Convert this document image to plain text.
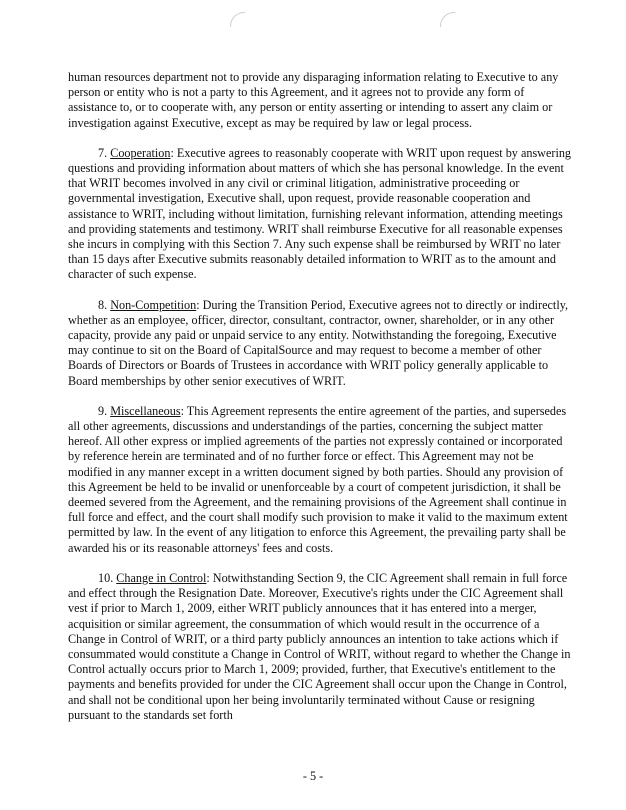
human resources department not to provide any disparaging information relating to Executive to any person or entity who is not a party to this Agreement, and it agrees not to provide any form of assistance to, or to cooperate with, any person or entity asserting or intending to assert any claim or investigation against Executive, except as may be required by law or legal process.

7. Cooperation: Executive agrees to reasonably cooperate with WRIT upon request by answering questions and providing information about matters of which she has personal knowledge. In the event that WRIT becomes involved in any civil or criminal litigation, administrative proceeding or governmental investigation, Executive shall, upon request, provide reasonable cooperation and assistance to WRIT, including without limitation, furnishing relevant information, attending meetings and providing statements and testimony. WRIT shall reimburse Executive for all reasonable expenses she incurs in complying with this Section 7. Any such expense shall be reimbursed by WRIT no later than 15 days after Executive submits reasonably detailed information to WRIT as to the amount and character of such expense.

8. Non-Competition: During the Transition Period, Executive agrees not to directly or indirectly, whether as an employee, officer, director, consultant, contractor, owner, shareholder, or in any other capacity, provide any paid or unpaid service to any entity. Notwithstanding the foregoing, Executive may continue to sit on the Board of CapitalSource and may request to become a member of other Boards of Directors or Boards of Trustees in accordance with WRIT policy generally applicable to Board memberships by other senior executives of WRIT.

9. Miscellaneous: This Agreement represents the entire agreement of the parties, and supersedes all other agreements, discussions and understandings of the parties, concerning the subject matter hereof. All other express or implied agreements of the parties not expressly contained or incorporated by reference herein are terminated and of no further force or effect. This Agreement may not be modified in any manner except in a written document signed by both parties. Should any provision of this Agreement be held to be invalid or unenforceable by a court of competent jurisdiction, it shall be deemed severed from the Agreement, and the remaining provisions of the Agreement shall continue in full force and effect, and the court shall modify such provision to make it valid to the maximum extent permitted by law. In the event of any litigation to enforce this Agreement, the prevailing party shall be awarded his or its reasonable attorneys' fees and costs.

10. Change in Control: Notwithstanding Section 9, the CIC Agreement shall remain in full force and effect through the Resignation Date. Moreover, Executive's rights under the CIC Agreement shall vest if prior to March 1, 2009, either WRIT publicly announces that it has entered into a merger, acquisition or similar agreement, the consummation of which would result in the occurrence of a Change in Control of WRIT, or a third party publicly announces an intention to take actions which if consummated would constitute a Change in Control of WRIT, without regard to whether the Change in Control actually occurs prior to March 1, 2009; provided, further, that Executive's entitlement to the payments and benefits provided for under the CIC Agreement shall occur upon the Change in Control, and shall not be conditional upon her being involuntarily terminated without Cause or resigning pursuant to the standards set forth

- 5 -
